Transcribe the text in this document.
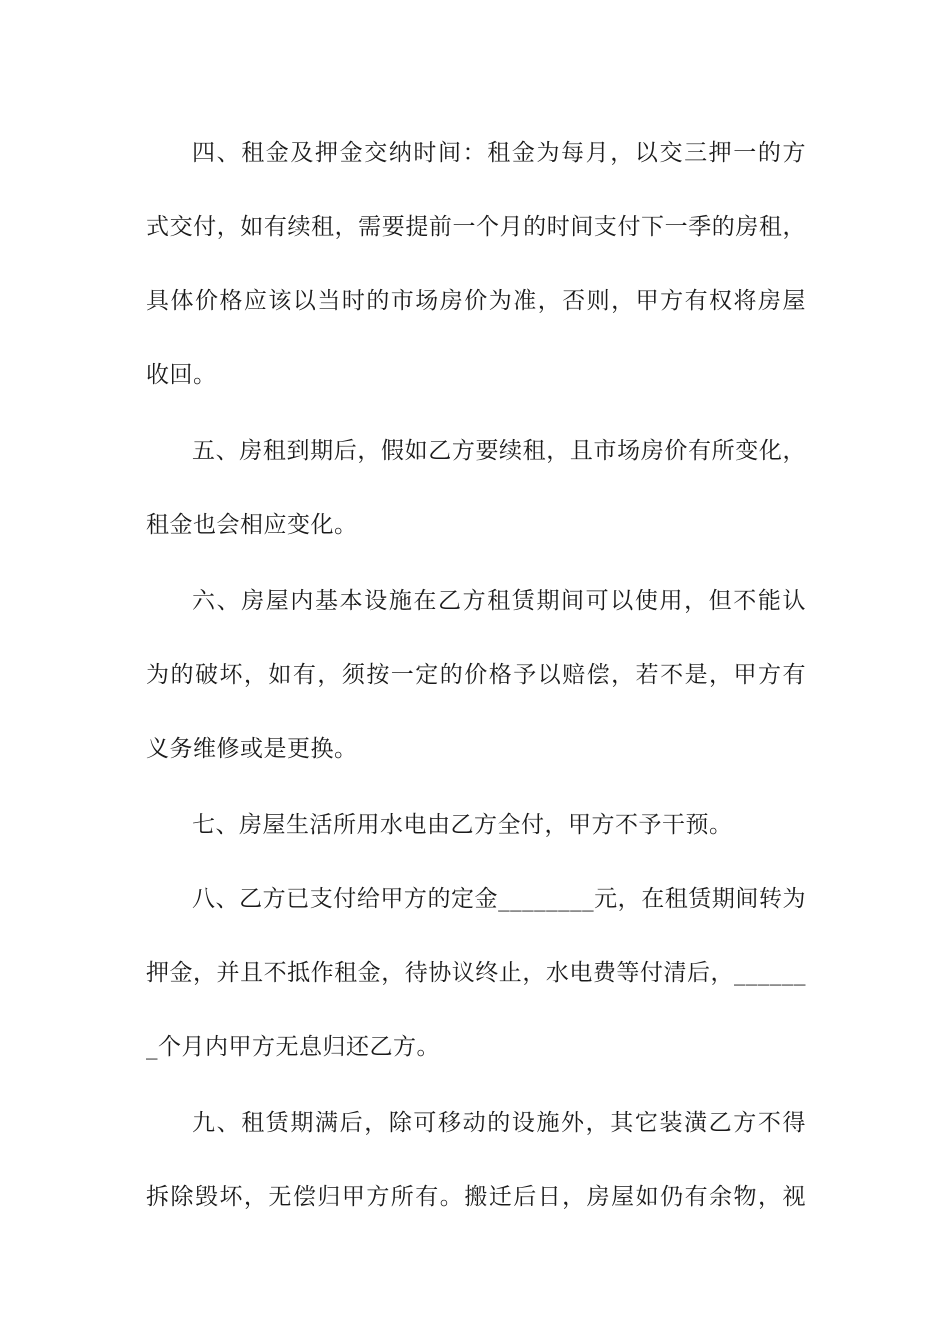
四、租金及押金交纳时间：租金为每月，以交三押一的方

式交付，如有续租，需要提前一个月的时间支付下一季的房租，

具体价格应该以当时的市场房价为准，否则，甲方有权将房屋

收回。

五、房租到期后，假如乙方要续租，且市场房价有所变化，

租金也会相应变化。

六、房屋内基本设施在乙方租赁期间可以使用，但不能认

为的破坏，如有，须按一定的价格予以赔偿，若不是，甲方有

义务维修或是更换。

七、房屋生活所用水电由乙方全付，甲方不予干预。

八、乙方已支付给甲方的定金________元，在租赁期间转为

押金，并且不抵作租金，待协议终止，水电费等付清后，______

_个月内甲方无息归还乙方。

九、租赁期满后，除可移动的设施外，其它装潢乙方不得

拆除毁坏，无偿归甲方所有。搬迁后日，房屋如仍有余物，视
